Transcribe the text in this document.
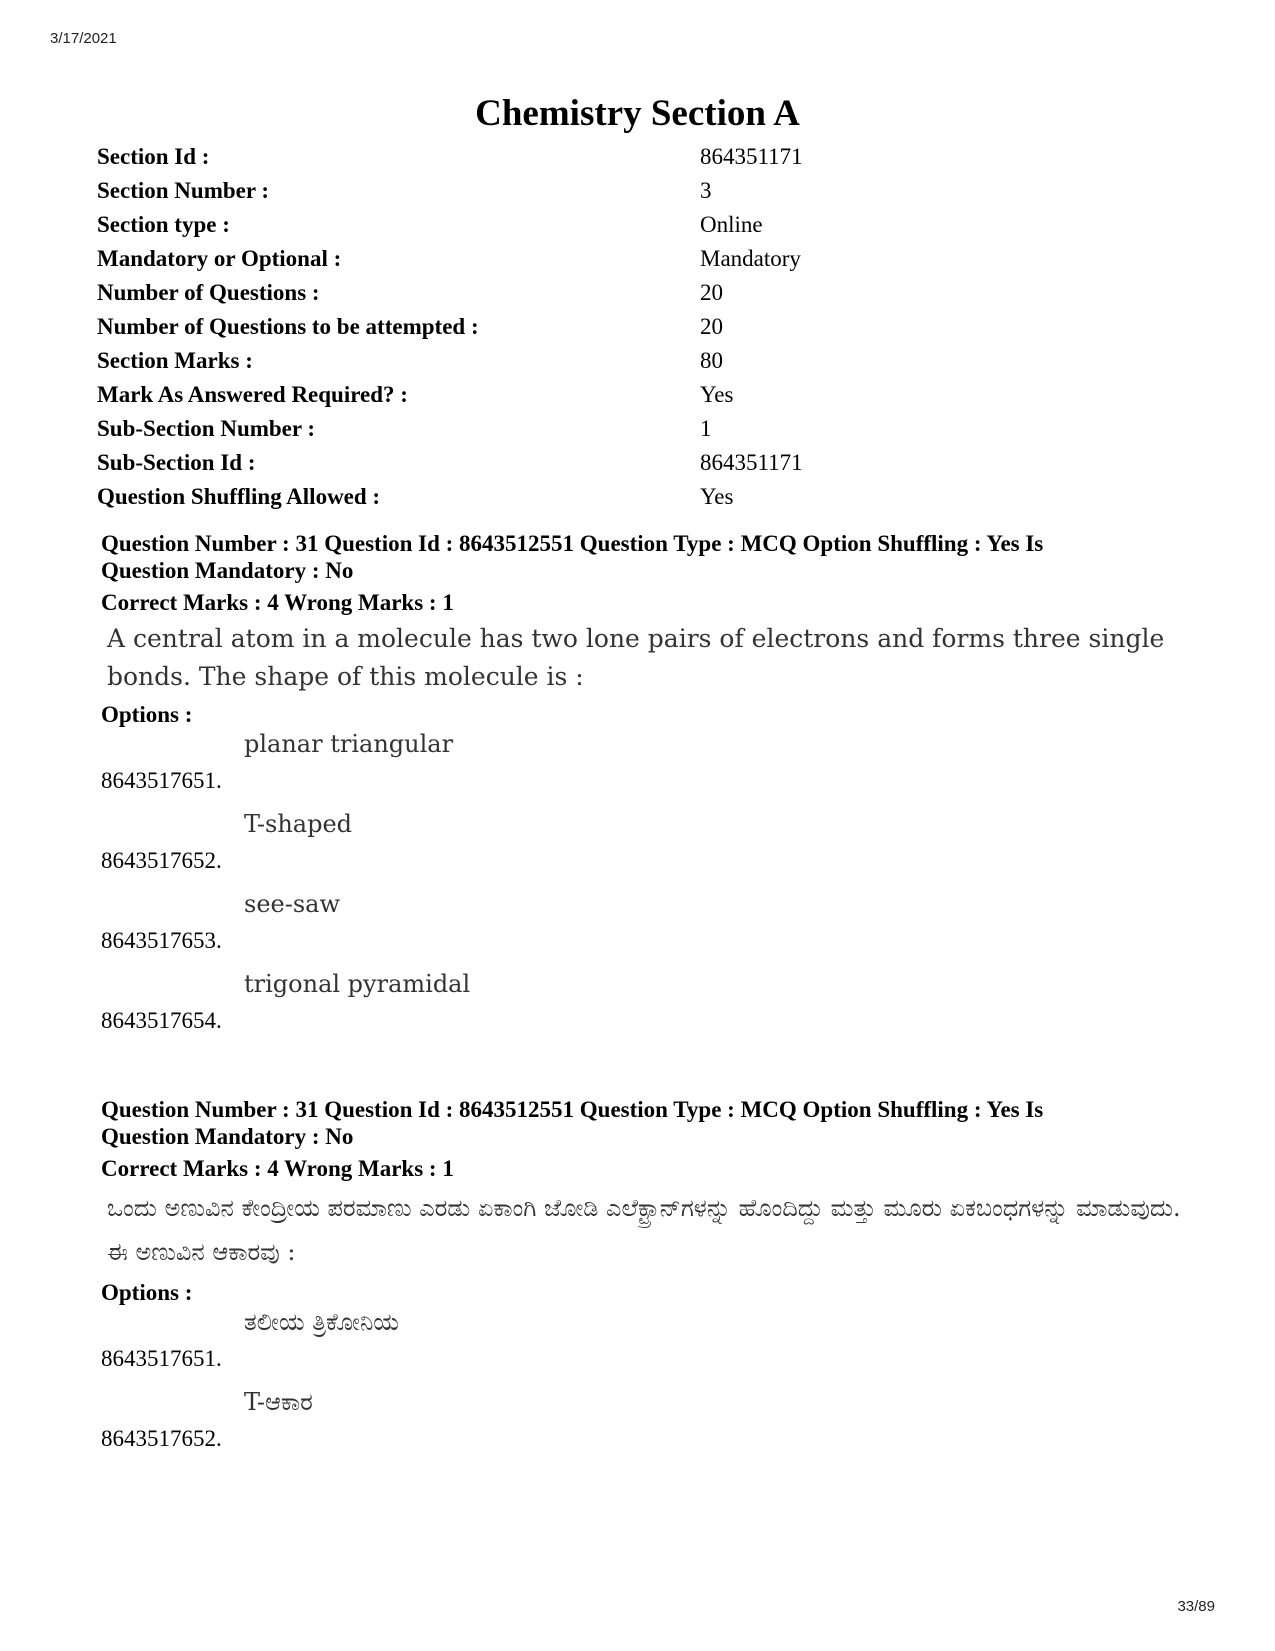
3/17/2021
Chemistry Section A
Section Id :	864351171
Section Number :	3
Section type :	Online
Mandatory or Optional :	Mandatory
Number of Questions :	20
Number of Questions to be attempted :	20
Section Marks :	80
Mark As Answered Required? :	Yes
Sub-Section Number :	1
Sub-Section Id :	864351171
Question Shuffling Allowed :	Yes
Question Number : 31 Question Id : 8643512551 Question Type : MCQ Option Shuffling : Yes Is Question Mandatory : No
Correct Marks : 4 Wrong Marks : 1
A central atom in a molecule has two lone pairs of electrons and forms three single bonds. The shape of this molecule is :
Options :
8643517651.
planar triangular
8643517652.
T-shaped
8643517653.
see-saw
8643517654.
trigonal pyramidal
Question Number : 31 Question Id : 8643512551 Question Type : MCQ Option Shuffling : Yes Is Question Mandatory : No
Correct Marks : 4 Wrong Marks : 1
ಒಂದು ಅಣುವಿನ ಕೇಂದ್ರೀಯ ಪರಮಾಣು ಎರಡು ಏಕಾಂಗಿ ಜೋಡಿ ಎಲೆಕ್ಟ್ರಾನ್‌ಗಳನ್ನು ಹೊಂದಿದ್ದು ಮತ್ತು ಮೂರು ಏಕಬಂಧಗಳನ್ನು ಮಾಡುವುದು. ಈ ಅಣುವಿನ ಆಕಾರವು :
Options :
8643517651.
ತಲೀಯ ತ್ರಿಕೋನಿಯ
8643517652.
T-ಆಕಾರ
33/89
